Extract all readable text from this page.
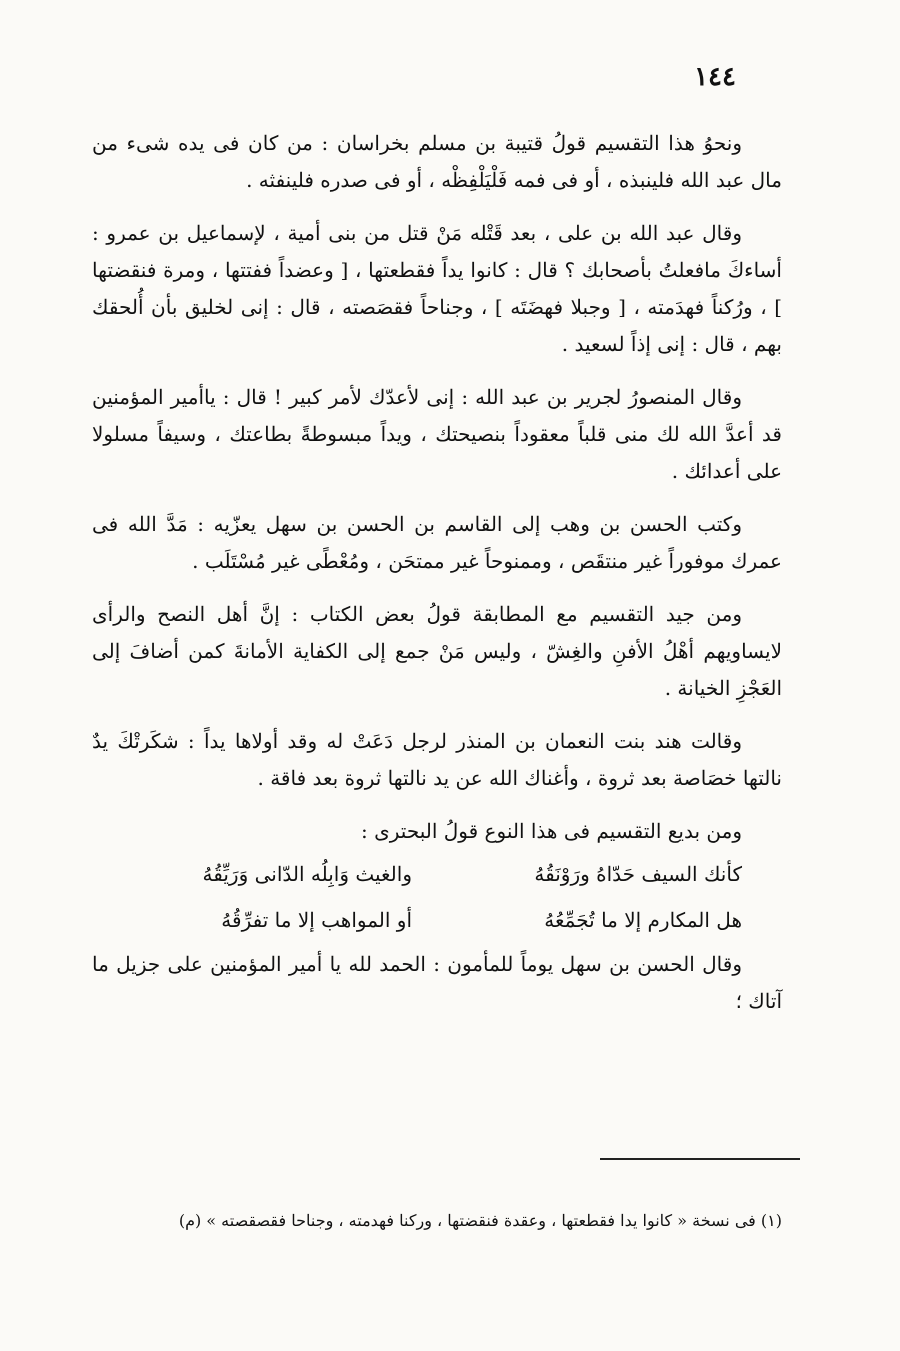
١٤٤

ونحوُ هذا التقسيم قولُ قتيبة بن مسلم بخراسان : من كان فى يده شىء من مال عبد الله فلينبذه ، أو فى فمه فَلْيَلْفِظْه ، أو فى صدره فلينفثه .

وقال عبد الله بن على ، بعد قَتْله مَنْ قتل من بنى أمية ، لإسماعيل بن عمرو : أساءكَ مافعلتُ بأصحابك ؟ قال : كانوا يداً فقطعتها ، [ وعضداً ففتتها ، ومرة فنقضتها ] ، ورُكناً فهدَمته ، [ وجبلا فهضَتَه ] ، وجناحاً فقصَصته ، قال : إنى لخليق بأن أُلحقك بهم ، قال : إنى إذاً لسعيد .

وقال المنصورُ لجرير بن عبد الله : إنى لأعدّك لأمر كبير ! قال : ياأمير المؤمنين قد أعدَّ الله لك منى قلباً معقوداً بنصيحتك ، ويداً مبسوطةً بطاعتك ، وسيفاً مسلولا على أعدائك .

وكتب الحسن بن وهب إلى القاسم بن الحسن بن سهل يعزّيه : مَدَّ الله فى عمرك موفوراً غير منتقَص ، وممنوحاً غير ممتحَن ، ومُعْطًى غير مُسْتَلَب .

ومن جيد التقسيم مع المطابقة قولُ بعض الكتاب : إنَّ أهل النصح والرأى لايساويهم أهْلُ الأفنِ والغِشّ ، وليس مَنْ جمع إلى الكفاية الأمانةَ كمن أضافَ إلى العَجْزِ الخيانة .

وقالت هند بنت النعمان بن المنذر لرجل دَعَتْ له وقد أولاها يداً : شكَرتْكَ يدٌ نالتها خصَاصة بعد ثروة ، وأغناك الله عن يد نالتها ثروة بعد فاقة .

ومن بديع التقسيم فى هذا النوع قولُ البحترى :

كأنك السيف حَدّاهُ ورَوْنَقُهُ
والغيث وَابِلُه الدّانى وَرَيِّقُهُ
هل المكارم إلا ما تُجَمِّعُهُ
أو المواهب إلا ما تفرِّقُهُ

وقال الحسن بن سهل يوماً للمأمون : الحمد لله يا أمير المؤمنين على جزيل ما آتاك ؛

(١) فى نسخة « كانوا يدا فقطعتها ، وعقدة فنقضتها ، وركنا فهدمته ، وجناحا فقصقصته » (م)
